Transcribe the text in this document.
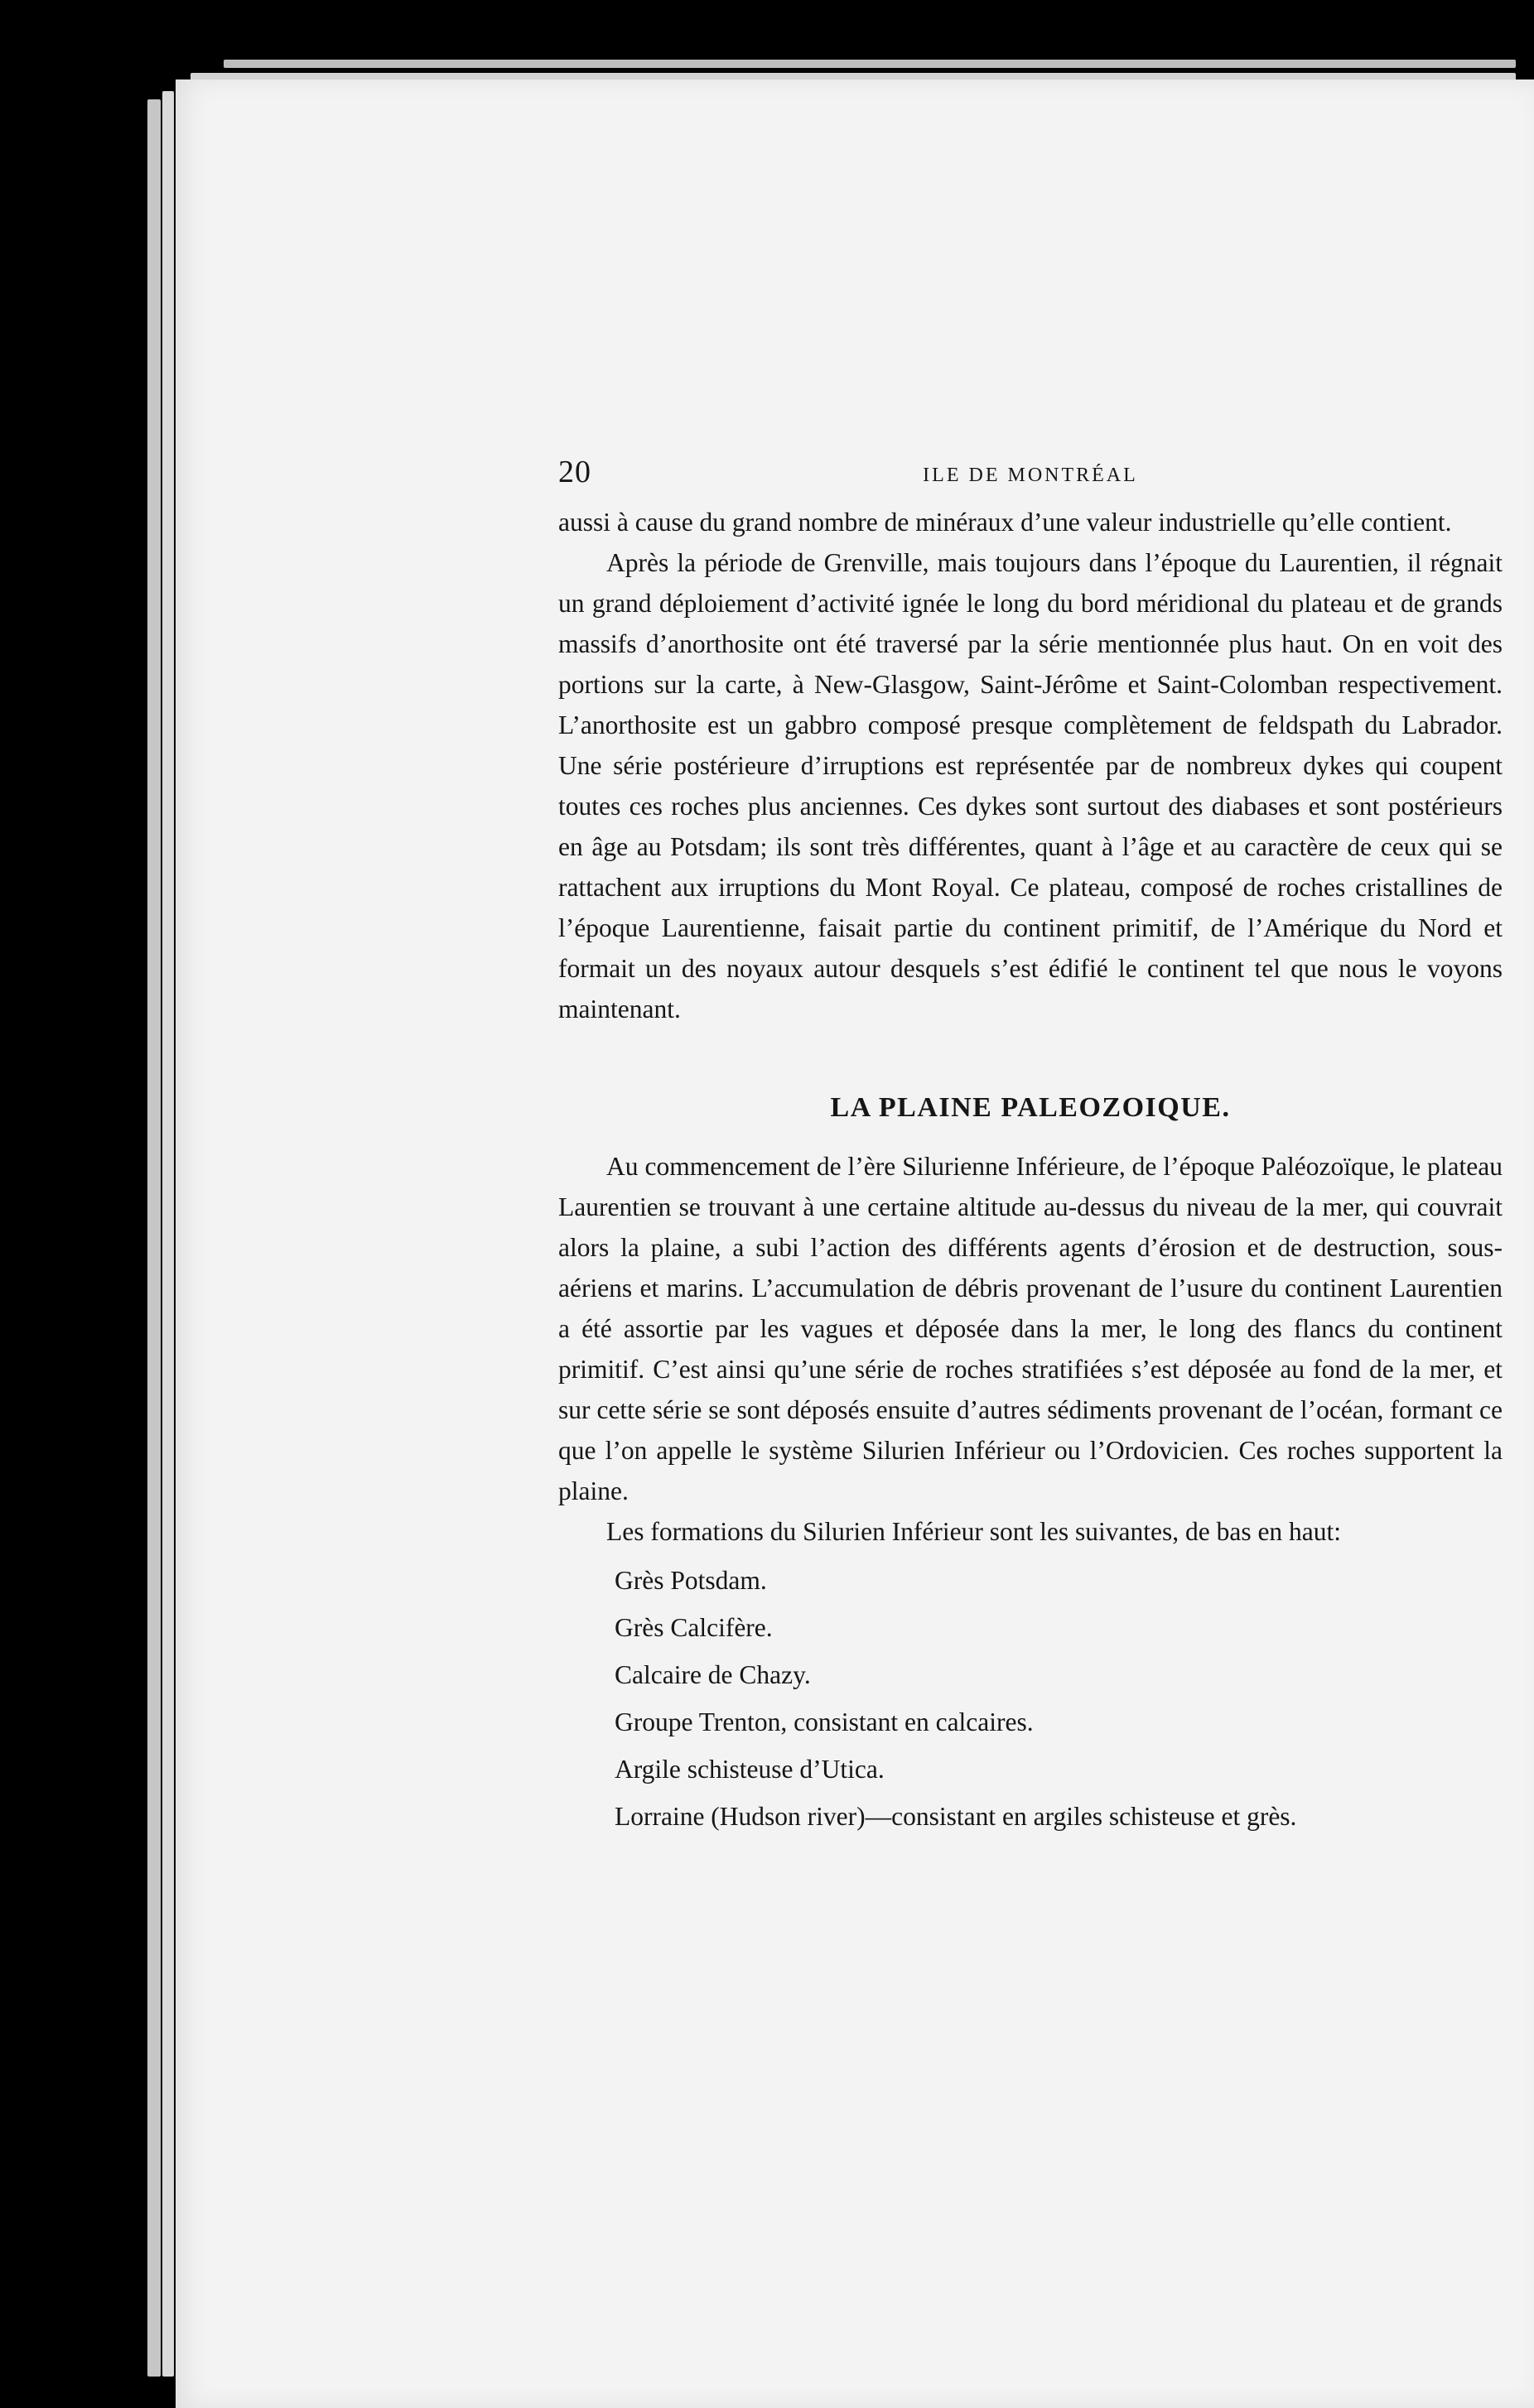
20	ILE DE MONTRÉAL

aussi à cause du grand nombre de minéraux d’une valeur industrielle qu’elle contient.

Après la période de Grenville, mais toujours dans l’époque du Laurentien, il régnait un grand déploiement d’activité ignée le long du bord méridional du plateau et de grands massifs d’anorthosite ont été traversé par la série mentionnée plus haut. On en voit des portions sur la carte, à New-Glasgow, Saint-Jérôme et Saint-Colomban respectivement. L’anorthosite est un gabbro composé presque complètement de feldspath du Labrador. Une série postérieure d’irruptions est représentée par de nombreux dykes qui coupent toutes ces roches plus anciennes. Ces dykes sont surtout des diabases et sont postérieurs en âge au Potsdam; ils sont très différentes, quant à l’âge et au caractère de ceux qui se rattachent aux irruptions du Mont Royal. Ce plateau, composé de roches cristallines de l’époque Laurentienne, faisait partie du continent primitif, de l’Amérique du Nord et formait un des noyaux autour desquels s’est édifié le continent tel que nous le voyons maintenant.

LA PLAINE PALEOZOIQUE.

Au commencement de l’ère Silurienne Inférieure, de l’époque Paléozoïque, le plateau Laurentien se trouvant à une certaine altitude au-dessus du niveau de la mer, qui couvrait alors la plaine, a subi l’action des différents agents d’érosion et de destruction, sous-aériens et marins. L’accumulation de débris provenant de l’usure du continent Laurentien a été assortie par les vagues et déposée dans la mer, le long des flancs du continent primitif. C’est ainsi qu’une série de roches stratifiées s’est déposée au fond de la mer, et sur cette série se sont déposés ensuite d’autres sédiments provenant de l’océan, formant ce que l’on appelle le système Silurien Inférieur ou l’Ordovicien. Ces roches supportent la plaine.

Les formations du Silurien Inférieur sont les suivantes, de bas en haut:

Grès Potsdam.
Grès Calcifère.
Calcaire de Chazy.
Groupe Trenton, consistant en calcaires.
Argile schisteuse d’Utica.
Lorraine (Hudson river)—consistant en argiles schisteuse et grès.
